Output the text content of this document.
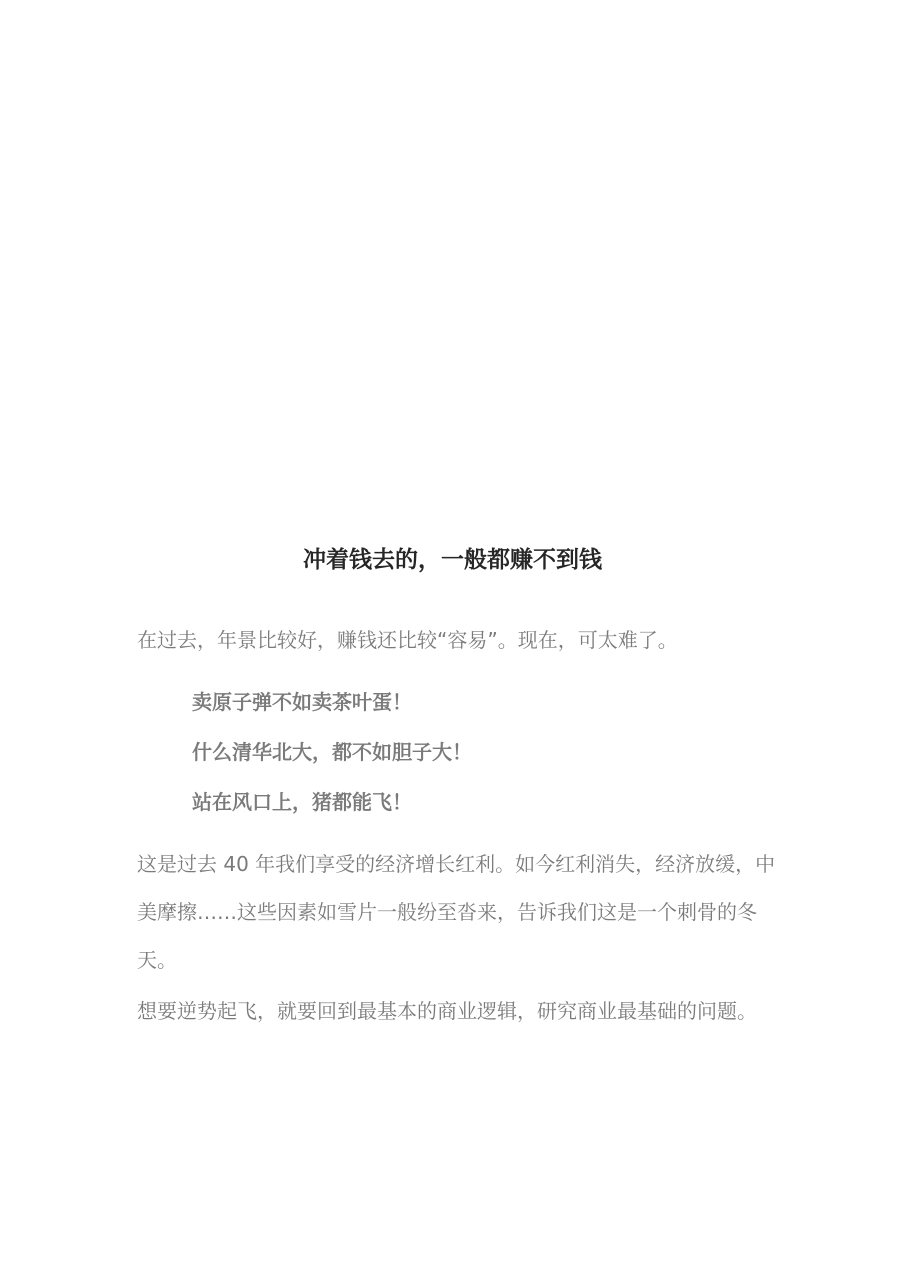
冲着钱去的，一般都赚不到钱

在过去，年景比较好，赚钱还比较“容易”。现在，可太难了。

卖原子弹不如卖茶叶蛋！

什么清华北大，都不如胆子大！

站在风口上，猪都能飞！

这是过去 40 年我们享受的经济增长红利。如今红利消失，经济放缓，中美摩擦……这些因素如雪片一般纷至沓来，告诉我们这是一个刺骨的冬天。

想要逆势起飞，就要回到最基本的商业逻辑，研究商业最基础的问题。
